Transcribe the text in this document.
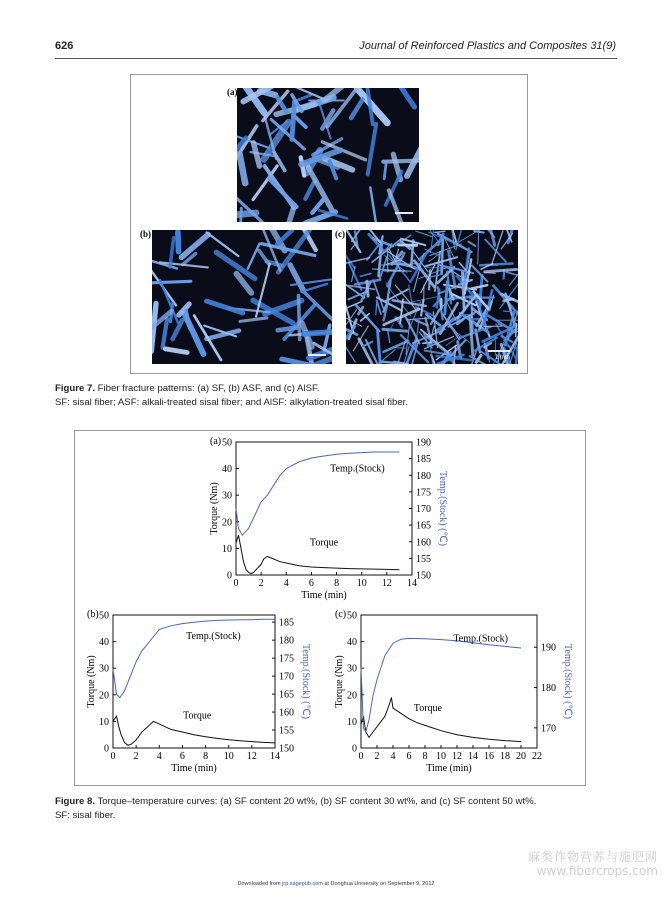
626	Journal of Reinforced Plastics and Composites 31(9)
(a)
(b)	(c)
1 mm
Figure 7. Fiber fracture patterns: (a) SF, (b) ASF, and (c) AlSF.
SF: sisal fiber; ASF: alkali-treated sisal fiber; and AlSF: alkylation-treated sisal fiber.
(a)
0 2 4 6 8 10 12 14
0
10
20
30
40
50
150
155
160
165
170
175
180
185
190
Time (min)
Torque (Nm)	Temp.(Stock) (℃)
Torque
Temp.(Stock)
(b)
0 2 4 6 8 10 12 14
0
10
20
30
40
50
150
155
160
165
170
175
180
185
Time (min)
Torque (Nm)	Temp.(Stock) (℃)
Torque
Temp.(Stock)
(c)
0 2 4 6 8 10 12 14 16 18 20 22
0
10
20
30
40
50
170
180
190
Time (min)
Torque (Nm)	Temp.(Stock) (℃)
Torque
Temp.(Stock)
Figure 8. Torque–temperature curves: (a) SF content 20 wt%, (b) SF content 30 wt%, and (c) SF content 50 wt%.
SF: sisal fiber.
Downloaded from jrp.sagepub.com at Donghua University on September 9, 2012
麻类作物营养与施肥网
www.fibercrops.com
